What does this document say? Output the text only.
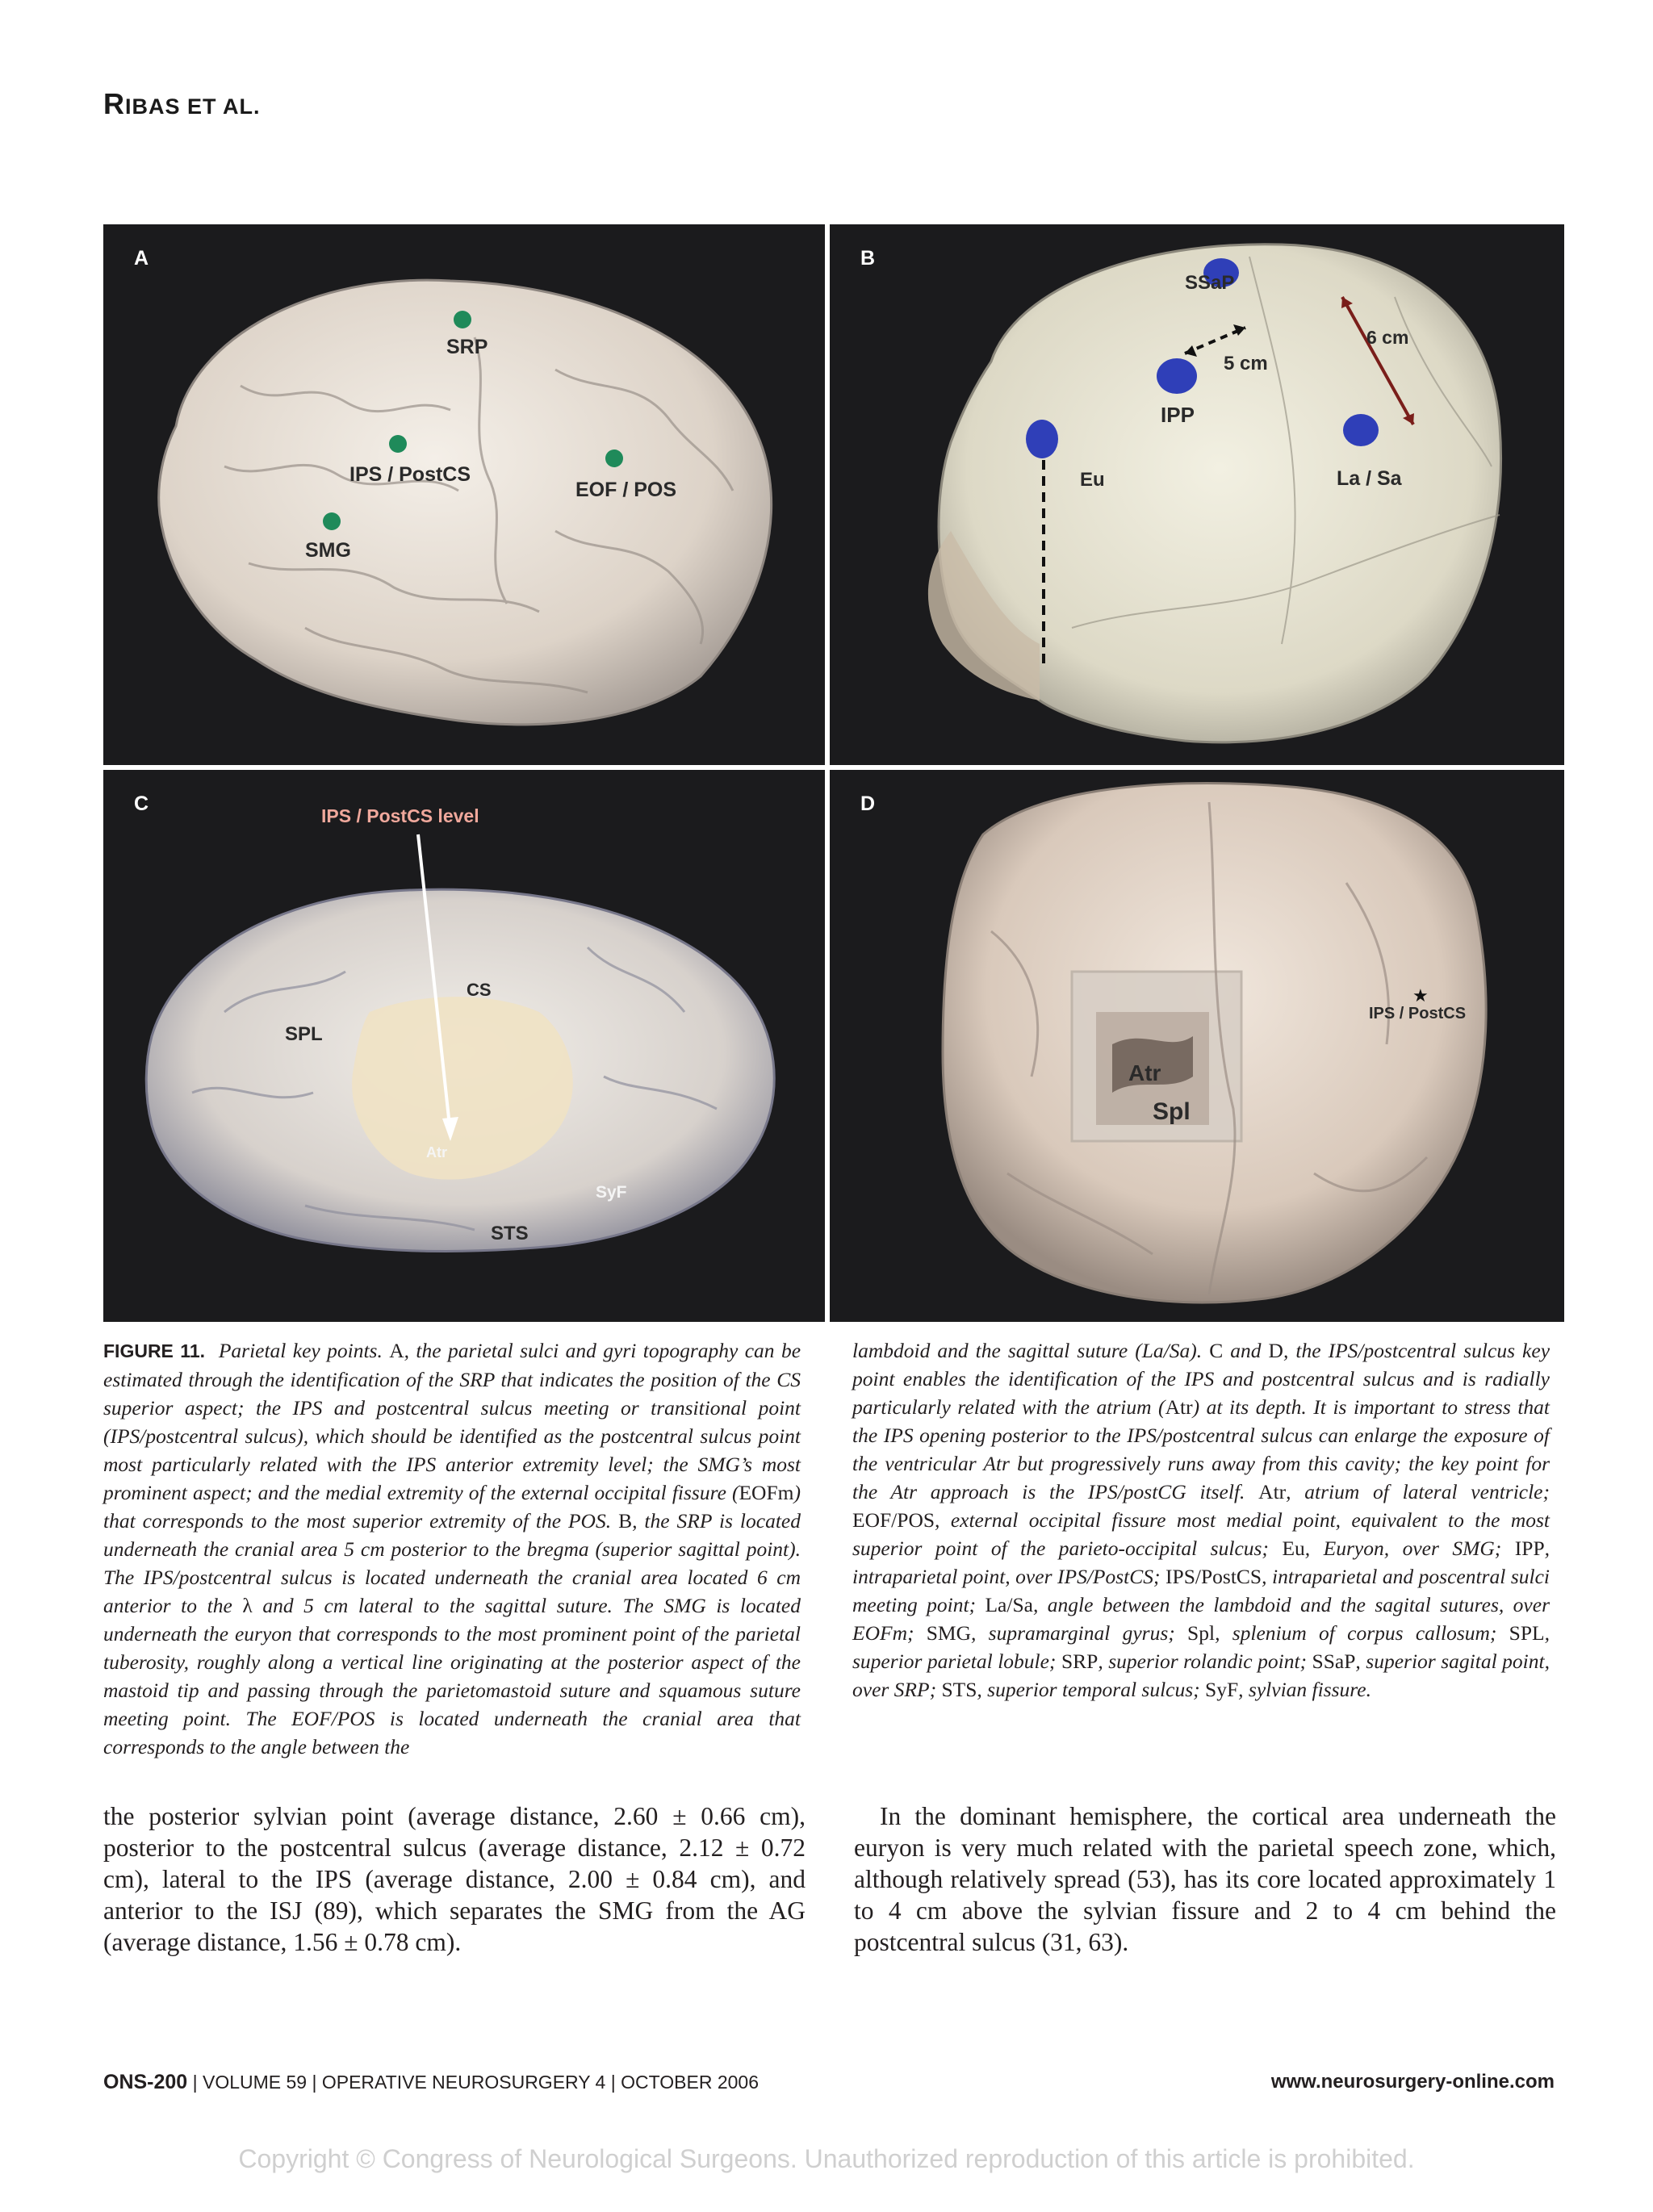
RIBAS ET AL.
SRP
IPS / PostCS
EOF / POS
SMG
A
SSaP
5 cm
6 cm
IPP
Eu	La / Sa
B
IPS / PostCS level
CS
SPL
Atr
SyF
STS
C
★
IPS / PostCS
Atr
Spl
D

FIGURE 11. Parietal key points. A, the parietal sulci and gyri topography can be estimated through the identification of the SRP that indicates the position of the CS superior aspect; the IPS and postcentral sulcus meeting or transitional point (IPS/postcentral sulcus), which should be identified as the postcentral sulcus point most particularly related with the IPS anterior extremity level; the SMG’s most prominent aspect; and the medial extremity of the external occipital fissure (EOFm) that corresponds to the most superior extremity of the POS. B, the SRP is located underneath the cranial area 5 cm posterior to the bregma (superior sagittal point). The IPS/postcentral sulcus is located underneath the cranial area located 6 cm anterior to the λ and 5 cm lateral to the sagittal suture. The SMG is located underneath the euryon that corresponds to the most prominent point of the parietal tuberosity, roughly along a vertical line originating at the posterior aspect of the mastoid tip and passing through the parietomastoid suture and squamous suture meeting point. The EOF/POS is located underneath the cranial area that corresponds to the angle between the

lambdoid and the sagittal suture (La/Sa). C and D, the IPS/postcentral sulcus key point enables the identification of the IPS and postcentral sulcus and is radially particularly related with the atrium (Atr) at its depth. It is important to stress that the IPS opening posterior to the IPS/postcentral sulcus can enlarge the exposure of the ventricular Atr but progressively runs away from this cavity; the key point for the Atr approach is the IPS/postCG itself. Atr, atrium of lateral ventricle; EOF/POS, external occipital fissure most medial point, equivalent to the most superior point of the parieto-occipital sulcus; Eu, Euryon, over SMG; IPP, intraparietal point, over IPS/PostCS; IPS/PostCS, intraparietal and poscentral sulci meeting point; La/Sa, angle between the lambdoid and the sagital sutures, over EOFm; SMG, supramarginal gyrus; Spl, splenium of corpus callosum; SPL, superior parietal lobule; SRP, superior rolandic point; SSaP, superior sagital point, over SRP; STS, superior temporal sulcus; SyF, sylvian fissure.

the posterior sylvian point (average distance, 2.60 ± 0.66 cm), posterior to the postcentral sulcus (average distance, 2.12 ± 0.72 cm), lateral to the IPS (average distance, 2.00 ± 0.84 cm), and anterior to the ISJ (89), which separates the SMG from the AG (average distance, 1.56 ± 0.78 cm).

In the dominant hemisphere, the cortical area underneath the euryon is very much related with the parietal speech zone, which, although relatively spread (53), has its core located approximately 1 to 4 cm above the sylvian fissure and 2 to 4 cm behind the postcentral sulcus (31, 63).

ONS-200 | VOLUME 59 | OPERATIVE NEUROSURGERY 4 | OCTOBER 2006	www.neurosurgery-online.com
Copyright © Congress of Neurological Surgeons. Unauthorized reproduction of this article is prohibited.
